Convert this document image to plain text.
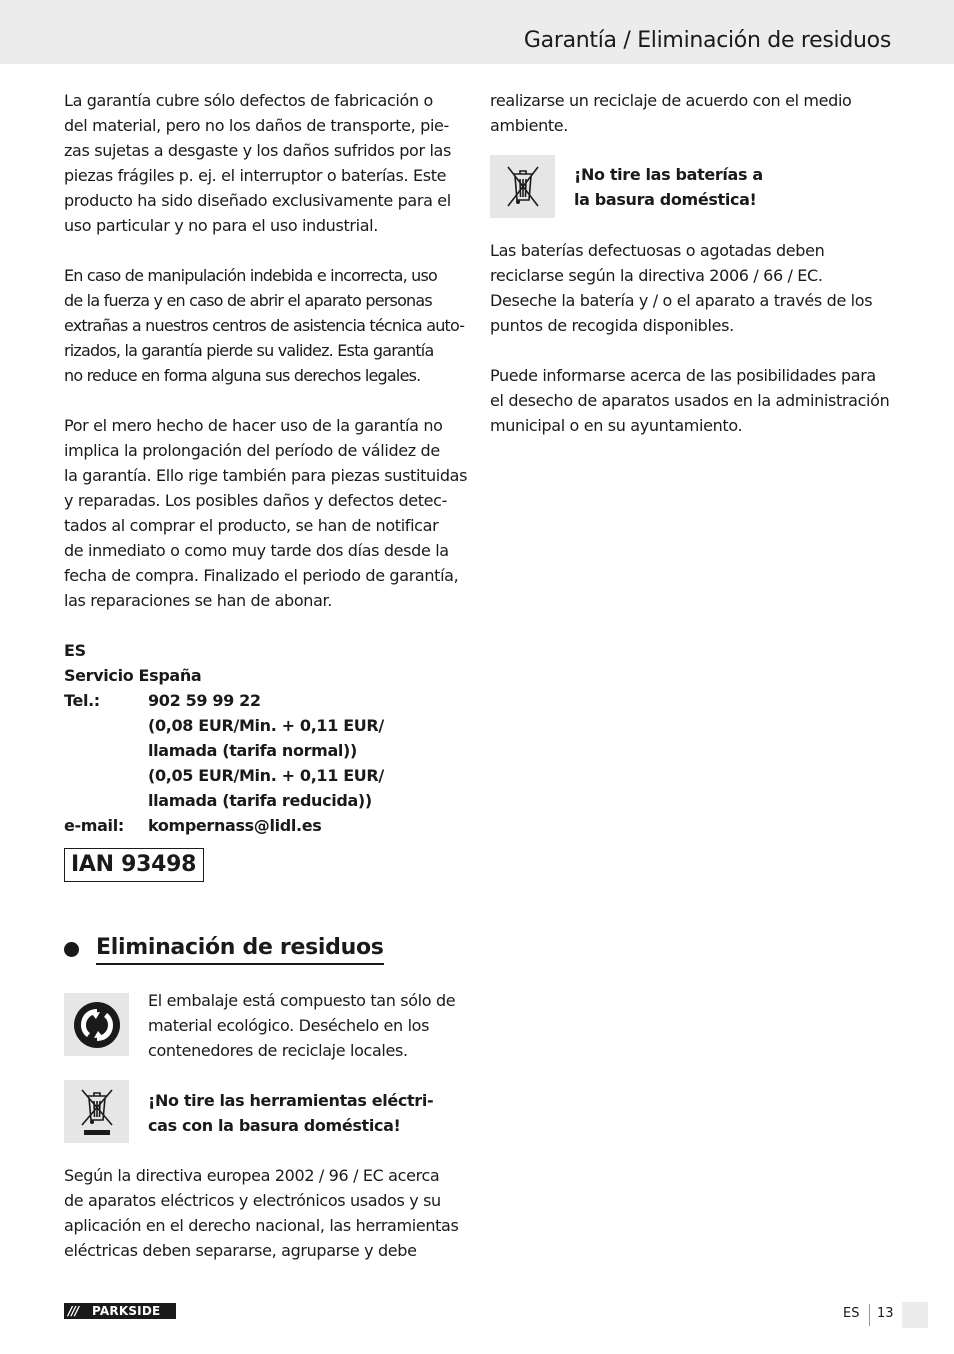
Garantía / Eliminación de residuos

La garantía cubre sólo defectos de fabricación o
del material, pero no los daños de transporte, pie-
zas sujetas a desgaste y los daños sufridos por las
piezas frágiles p. ej. el interruptor o baterías. Este
producto ha sido diseñado exclusivamente para el
uso particular y no para el uso industrial.

En caso de manipulación indebida e incorrecta, uso
de la fuerza y en caso de abrir el aparato personas
extrañas a nuestros centros de asistencia técnica auto-
rizados, la garantía pierde su validez. Esta garantía
no reduce en forma alguna sus derechos legales.

Por el mero hecho de hacer uso de la garantía no
implica la prolongación del período de válidez de
la garantía. Ello rige también para piezas sustituidas
y reparadas. Los posibles daños y defectos detec-
tados al comprar el producto, se han de notificar
de inmediato o como muy tarde dos días desde la
fecha de compra. Finalizado el periodo de garantía,
las reparaciones se han de abonar.

ES
Servicio España
Tel.:	902 59 99 22
(0,08 EUR/Min. + 0,11 EUR/
llamada (tarifa normal))
(0,05 EUR/Min. + 0,11 EUR/
llamada (tarifa reducida))
e-mail:	kompernass@lidl.es
IAN 93498
Eliminación de residuos
El embalaje está compuesto tan sólo de
material ecológico. Deséchelo en los
contenedores de reciclaje locales.
¡No tire las herramientas eléctri-
cas con la basura doméstica!

Según la directiva europea 2002 / 96 / EC acerca
de aparatos eléctricos y electrónicos usados y su
aplicación en el derecho nacional, las herramientas
eléctricas deben separarse, agruparse y debe

realizarse un reciclaje de acuerdo con el medio
ambiente.

¡No tire las baterías a
la basura doméstica!

Las baterías defectuosas o agotadas deben
reciclarse según la directiva 2006 / 66 / EC.
Deseche la batería y / o el aparato a través de los
puntos de recogida disponibles.

Puede informarse acerca de las posibilidades para
el desecho de aparatos usados en la administración
municipal o en su ayuntamiento.

///	PARKSIDE	ES 13
